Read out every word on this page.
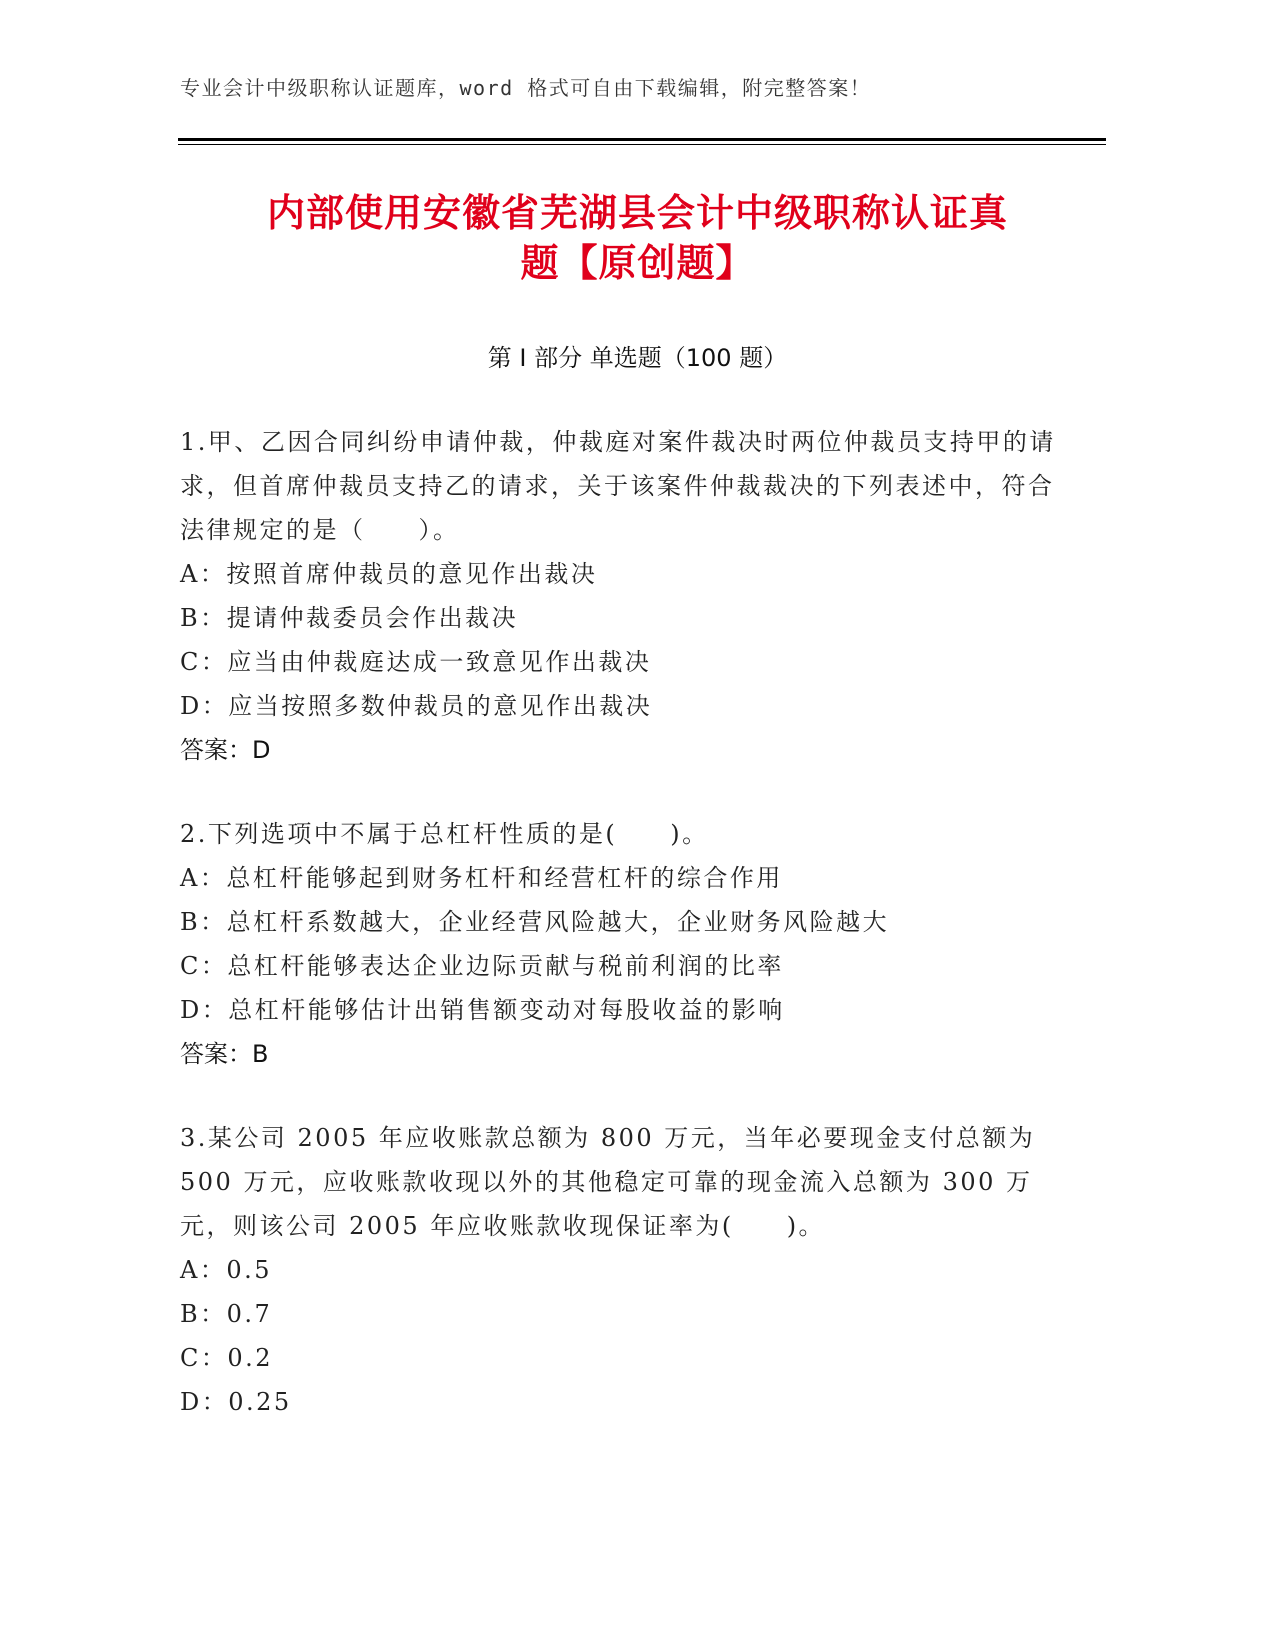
专业会计中级职称认证题库，word 格式可自由下载编辑，附完整答案！
内部使用安徽省芜湖县会计中级职称认证真
题【原创题】
第 I 部分 单选题（100 题）

1.甲、乙因合同纠纷申请仲裁，仲裁庭对案件裁决时两位仲裁员支持甲的请求，但首席仲裁员支持乙的请求，关于该案件仲裁裁决的下列表述中，符合法律规定的是（　　）。

A：按照首席仲裁员的意见作出裁决
B：提请仲裁委员会作出裁决
C：应当由仲裁庭达成一致意见作出裁决
D：应当按照多数仲裁员的意见作出裁决
答案：D

2.下列选项中不属于总杠杆性质的是(　　)。

A：总杠杆能够起到财务杠杆和经营杠杆的综合作用
B：总杠杆系数越大，企业经营风险越大，企业财务风险越大
C：总杠杆能够表达企业边际贡献与税前利润的比率
D：总杠杆能够估计出销售额变动对每股收益的影响
答案：B

3.某公司 2005 年应收账款总额为 800 万元，当年必要现金支付总额为 500 万元，应收账款收现以外的其他稳定可靠的现金流入总额为 300 万元，则该公司 2005 年应收账款收现保证率为(　　)。

A：0.5
B：0.7
C：0.2
D：0.25
